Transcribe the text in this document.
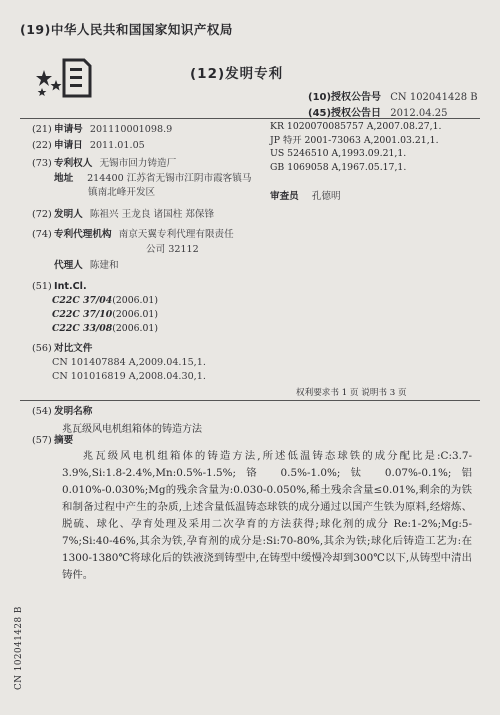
(19)中华人民共和国国家知识产权局
(12)发明专利
(10)授权公告号 CN 102041428 B
(45)授权公告日 2012.04.25
(21) 申请号 201110001098.9
(22) 申请日 2011.01.05
(73) 专利权人 无锡市回力铸造厂
地址 214400 江苏省无锡市江阴市霞客镇马
镇南北峰开发区
(72) 发明人 陈祖兴 王龙良 诸国柱 郑保锋
(74) 专利代理机构 南京天翼专利代理有限责任
公司 32112
代理人 陈建和
(51) Int.Cl.
C22C 37/04(2006.01)
C22C 37/10(2006.01)
C22C 33/08(2006.01)
(56) 对比文件
CN 101407884 A,2009.04.15,1.
CN 101016819 A,2008.04.30,1.
KR 1020070085757 A,2007.08.27,1.
JP 特开 2001-73063 A,2001.03.21,1.
US 5246510 A,1993.09.21,1.
GB 1069058 A,1967.05.17,1.
审查员 孔德明
权利要求书 1 页 说明书 3 页
(54) 发明名称
兆瓦级风电机组箱体的铸造方法
(57) 摘要
兆瓦级风电机组箱体的铸造方法,所述低温铸态球铁的成分配比是:C:3.7-3.9%,Si:1.8-2.4%,Mn:0.5%-1.5%;铬 0.5%-1.0%;钛 0.07%-0.1%;铝 0.010%-0.030%;Mg的残余含量为:0.030-0.050%,稀土残余含量≤0.01%,剩余的为铁和制备过程中产生的杂质,上述含量低温铸态球铁的成分通过以国产生铁为原料,经熔炼、脱硫、球化、孕育处理及采用二次孕育的方法获得;球化剂的成分 Re:1-2%;Mg:5-7%;Si:40-46%,其余为铁,孕育剂的成分是:Si:70-80%,其余为铁;球化后铸造工艺为:在1300-1380℃将球化后的铁液浇到铸型中,在铸型中缓慢冷却到300℃以下,从铸型中清出铸件。
CN 102041428 B
